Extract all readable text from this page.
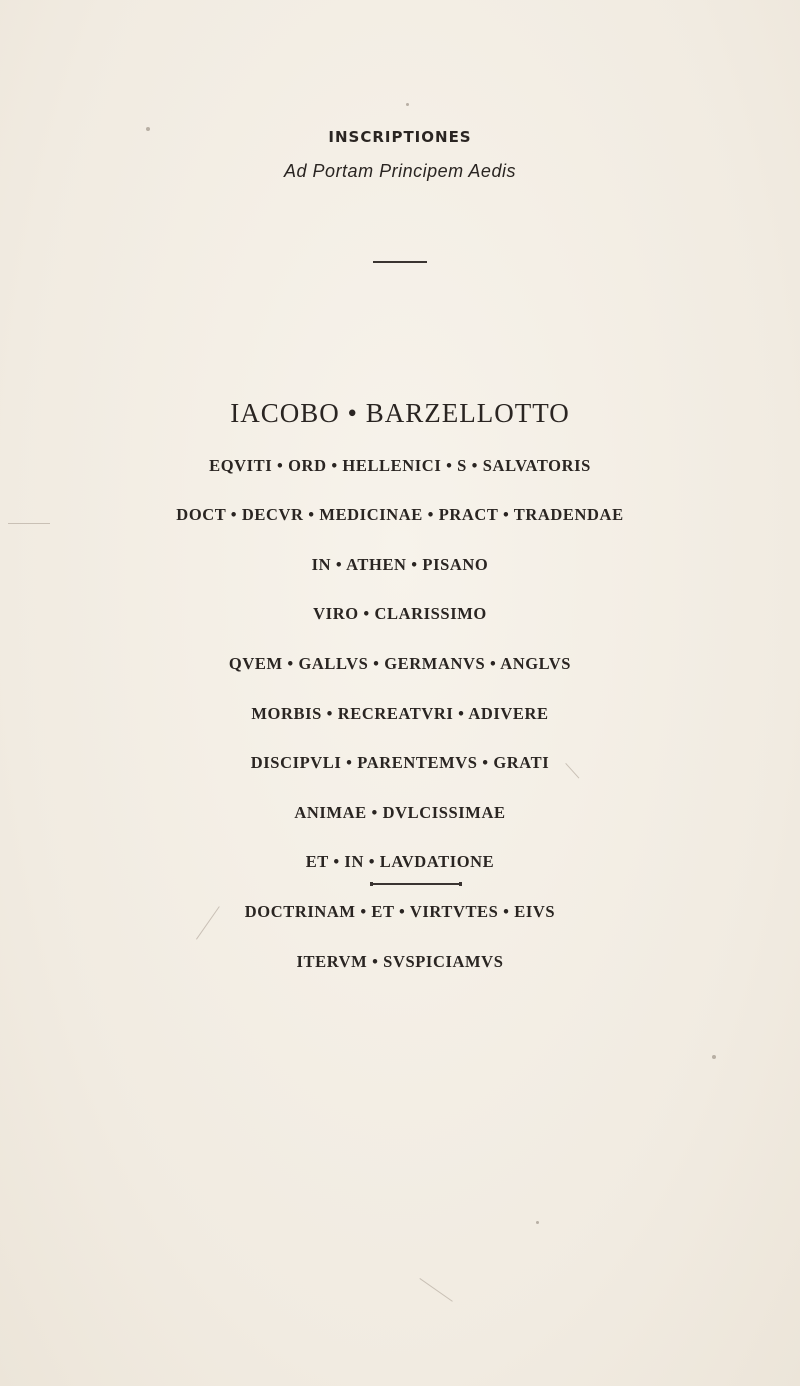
INSCRIPTIONES
Ad Portam Principem Aedis
IACOBO • BARZELLOTTO
EQVITI • ORD • HELLENICI • S • SALVATORIS
DOCT • DECVR • MEDICINAE • PRACT • TRADENDAE
IN • ATHEN • PISANO
VIRO • CLARISSIMO
QVEM • GALLVS • GERMANVS • ANGLVS
MORBIS • RECREATVRI • ADIVERE
DISCIPVLI • PARENTEMVS • GRATI
ANIMAE • DVLCISSIMAE
ET • IN • LAVDATIONE
DOCTRINAM • ET • VIRTVTES • EIVS
ITERVM • SVSPICIAMVS
